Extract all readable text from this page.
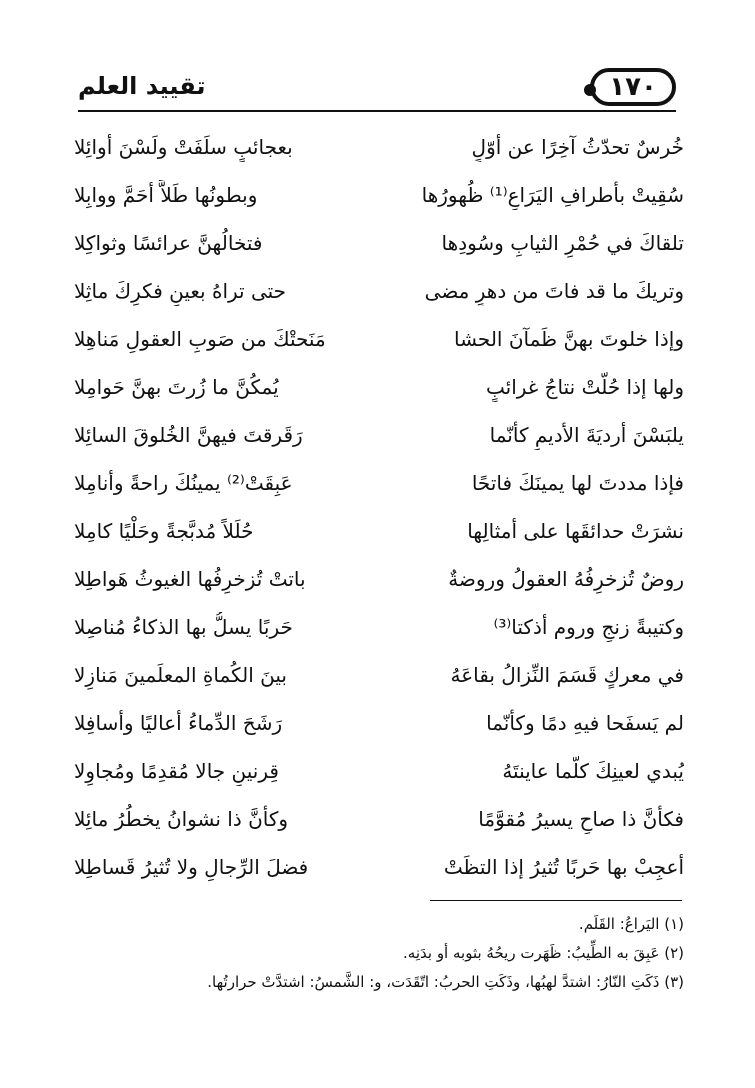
١٧٠
تقييد العلم
خُرسٌ تحدّثُ آخِرًا عن أوّلٍ
بعجائبٍ سلَفَتْ ولَسْنَ أوائِلا
سُقِيتْ بأطرافِ اليَرَاعِ⁽¹⁾ ظُهورُها
وبطونُها طَلاًّ أحَمَّ ووابِلا
تلقاكَ في حُمْرِ الثيابِ وسُودِها
فتخالُهنَّ عرائسًا وثواكِلا
وتريكَ ما قد فاتَ من دهرٍ مضى
حتى تراهُ بعينِ فكرِكَ ماثِلا
وإذا خلوتَ بهنَّ ظَمآنَ الحشا
مَنَحتْكَ من صَوبِ العقولِ مَناهِلا
ولها إذا حُلَّتْ نتاجُ غرائبٍ
يُمكُنَّ ما زُرتَ بهنَّ حَوامِلا
يلبَسْنَ أرديَةَ الأديمِ كأنّما
رَقَرقتَ فيهنَّ الخُلوقَ السائِلا
فإذا مددتَ لها يمينَكَ فاتحًا
عَبِقَتْ⁽²⁾ يمينُكَ راحةً وأنامِلا
نشرَتْ حدائقَها على أمثالِها
حُلَلاً مُدبَّجةً وحَلْيًا كامِلا
روضٌ تُزخرِفُهُ العقولُ وروضةٌ
باتتْ تُزخرِفُها الغيوثُ هَواطِلا
وكتيبةً زنجٍ وروم أذكتا⁽³⁾
حَربًا يسلُّ بها الذكاءُ مُناصِلا
في معركٍ قَسَمَ النِّزالُ بقاعَهُ
بينَ الكُماةِ المعلَمينَ مَنازِلا
لم يَسفَحا فيهِ دمًا وكأنّما
رَشَحَ الدِّماءُ أعاليًا وأسافِلا
يُبدي لعينِكَ كلّما عاينتَهُ
قِرنينِ جالا مُقدِمًا ومُجاوِلا
فكأنَّ ذا صاحٍ يسيرُ مُقوَّمًا
وكأنَّ ذا نشوانُ يخطُرُ مائِلا
أعجِبْ بها حَربًا تُثيرُ إذا التظَتْ
فضلَ الرِّجالِ ولا تُثيرُ قَساطِلا
(١) اليَراعُ: القَلَم.
(٢) عَبِقَ به الطِّيبُ: ظَهَرت ريحُهُ بثوبه أو بدَنِه.
(٣) ذَكَتِ النّارُ: اشتدَّ لهبُها، وذَكَتِ الحربُ: اتّقَدَت، و: الشَّمسُ: اشتدَّتْ حرارتُها.
